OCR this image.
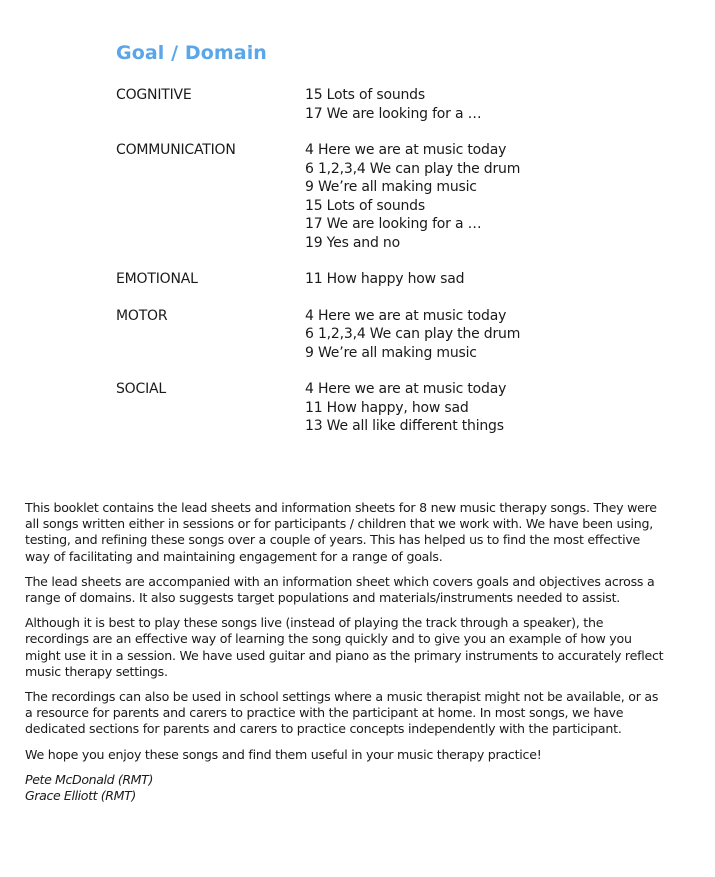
Goal / Domain
COGNITIVE	15 Lots of sounds
17 We are looking for a …
COMMUNICATION	4 Here we are at music today
6 1,2,3,4 We can play the drum
9 We’re all making music
15 Lots of sounds
17 We are looking for a …
19 Yes and no
EMOTIONAL	11 How happy how sad
MOTOR	4 Here we are at music today
6 1,2,3,4 We can play the drum
9 We’re all making music
SOCIAL	4 Here we are at music today
11 How happy, how sad
13 We all like different things

This booklet contains the lead sheets and information sheets for 8 new music therapy songs. They were
all songs written either in sessions or for participants / children that we work with. We have been using,
testing, and refining these songs over a couple of years. This has helped us to find the most effective
way of facilitating and maintaining engagement for a range of goals.

The lead sheets are accompanied with an information sheet which covers goals and objectives across a
range of domains. It also suggests target populations and materials/instruments needed to assist.

Although it is best to play these songs live (instead of playing the track through a speaker), the
recordings are an effective way of learning the song quickly and to give you an example of how you
might use it in a session. We have used guitar and piano as the primary instruments to accurately reflect
music therapy settings.

The recordings can also be used in school settings where a music therapist might not be available, or as
a resource for parents and carers to practice with the participant at home. In most songs, we have
dedicated sections for parents and carers to practice concepts independently with the participant.

We hope you enjoy these songs and find them useful in your music therapy practice!

Pete McDonald (RMT)
Grace Elliott (RMT)
